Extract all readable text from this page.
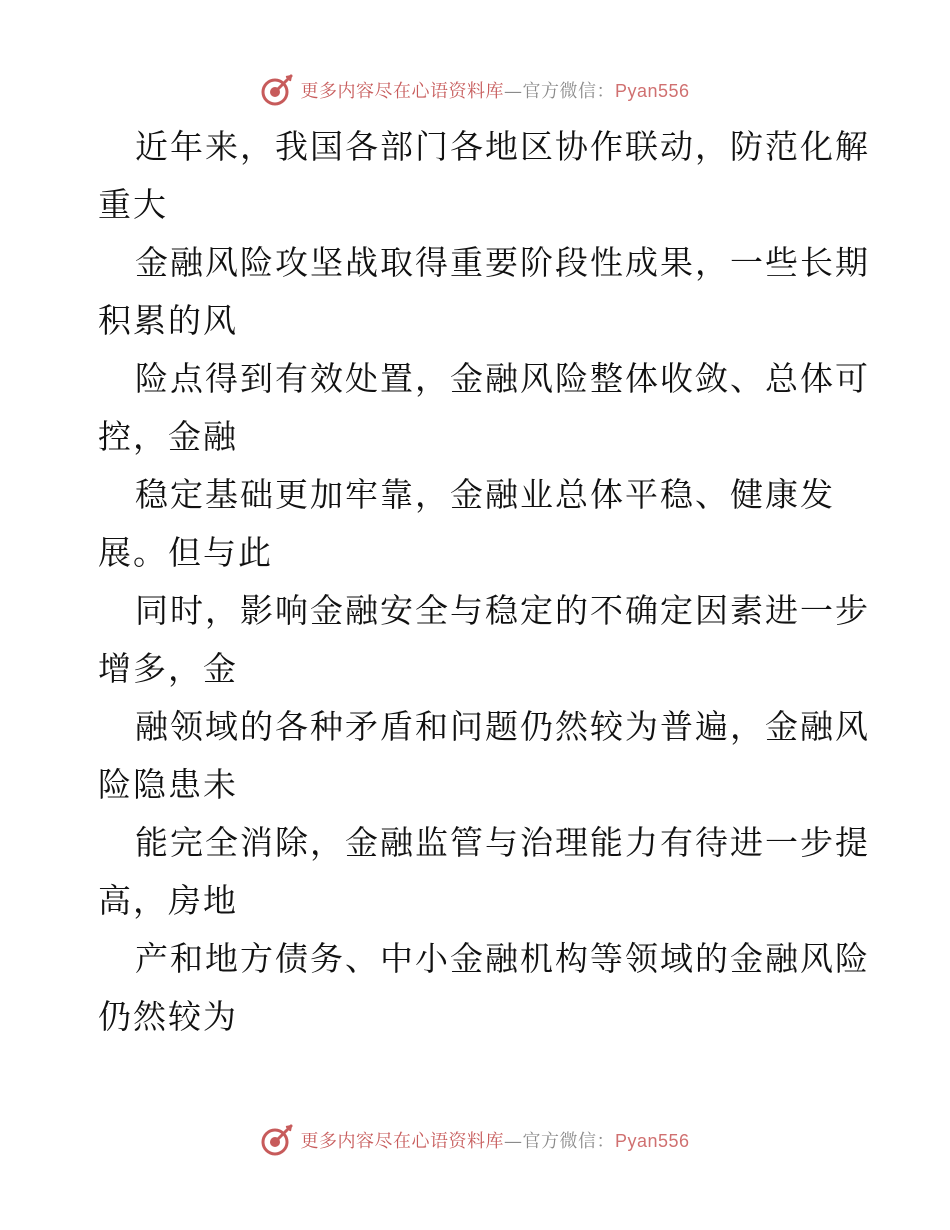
更多内容尽在心语资料库—官方微信：Pyan556

近年来，我国各部门各地区协作联动，防范化解
重大

金融风险攻坚战取得重要阶段性成果，一些长期
积累的风

险点得到有效处置，金融风险整体收敛、总体可
控，金融

稳定基础更加牢靠，金融业总体平稳、健康发
展。但与此

同时，影响金融安全与稳定的不确定因素进一步
增多，金

融领域的各种矛盾和问题仍然较为普遍，金融风
险隐患未

能完全消除，金融监管与治理能力有待进一步提
高，房地

产和地方债务、中小金融机构等领域的金融风险
仍然较为

更多内容尽在心语资料库—官方微信：Pyan556
